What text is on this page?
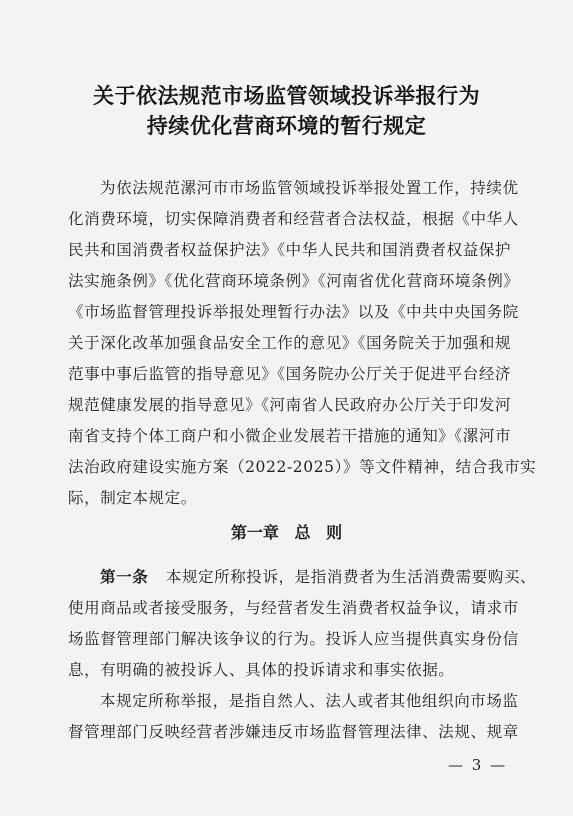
关于依法规范市场监管领域投诉举报行为
持续优化营商环境的暂行规定
为依法规范漯河市市场监管领域投诉举报处置工作，持续优
化消费环境，切实保障消费者和经营者合法权益，根据《中华人
民共和国消费者权益保护法》《中华人民共和国消费者权益保护
法实施条例》《优化营商环境条例》《河南省优化营商环境条例》
《市场监督管理投诉举报处理暂行办法》以及《中共中央国务院
关于深化改革加强食品安全工作的意见》《国务院关于加强和规
范事中事后监管的指导意见》《国务院办公厅关于促进平台经济
规范健康发展的指导意见》《河南省人民政府办公厅关于印发河
南省支持个体工商户和小微企业发展若干措施的通知》《漯河市
法治政府建设实施方案（2022-2025）》等文件精神，结合我市实
际，制定本规定。
第一章 总 则
第一条 本规定所称投诉，是指消费者为生活消费需要购买、
使用商品或者接受服务，与经营者发生消费者权益争议，请求市
场监督管理部门解决该争议的行为。投诉人应当提供真实身份信
息，有明确的被投诉人、具体的投诉请求和事实依据。
本规定所称举报，是指自然人、法人或者其他组织向市场监
督管理部门反映经营者涉嫌违反市场监督管理法律、法规、规章
— 3 —
